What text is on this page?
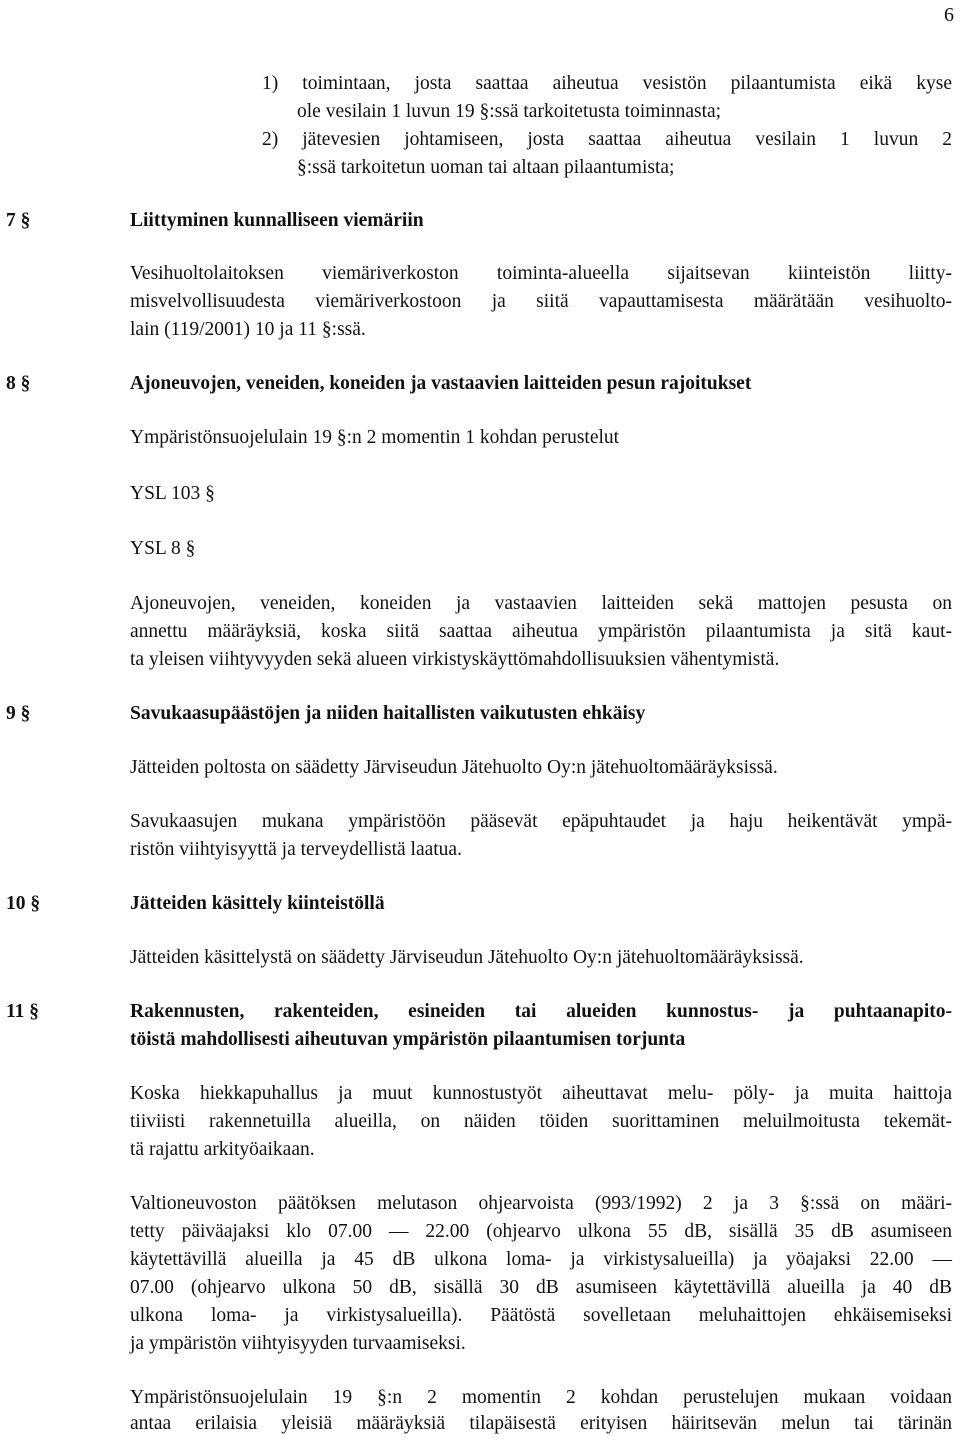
6
1) toimintaan, josta saattaa aiheutua vesistön pilaantumista eikä kyse
ole vesilain 1 luvun 19 §:ssä tarkoitetusta toiminnasta;
2) jätevesien johtamiseen, josta saattaa aiheutua vesilain 1 luvun 2
§:ssä tarkoitetun uoman tai altaan pilaantumista;
7 §	Liittyminen kunnalliseen viemäriin
Vesihuoltolaitoksen viemäriverkoston toiminta-alueella sijaitsevan kiinteistön liitty-
misvelvollisuudesta viemäriverkostoon ja siitä vapauttamisesta määrätään vesihuolto-
lain (119/2001) 10 ja 11 §:ssä.
8 §	Ajoneuvojen, veneiden, koneiden ja vastaavien laitteiden pesun rajoitukset
Ympäristönsuojelulain 19 §:n 2 momentin 1 kohdan perustelut
YSL 103 §
YSL 8 §
Ajoneuvojen, veneiden, koneiden ja vastaavien laitteiden sekä mattojen pesusta on
annettu määräyksiä, koska siitä saattaa aiheutua ympäristön pilaantumista ja sitä kaut-
ta yleisen viihtyvyyden sekä alueen virkistyskäyttömahdollisuuksien vähentymistä.
9 §	Savukaasupäästöjen ja niiden haitallisten vaikutusten ehkäisy
Jätteiden poltosta on säädetty Järviseudun Jätehuolto Oy:n jätehuoltomääräyksissä.
Savukaasujen mukana ympäristöön pääsevät epäpuhtaudet ja haju heikentävät ympä-
ristön viihtyisyyttä ja terveydellistä laatua.
10 §	Jätteiden käsittely kiinteistöllä
Jätteiden käsittelystä on säädetty Järviseudun Jätehuolto Oy:n jätehuoltomääräyksissä.
11 §	Rakennusten, rakenteiden, esineiden tai alueiden kunnostus- ja puhtaanapito-
töistä mahdollisesti aiheutuvan ympäristön pilaantumisen torjunta
Koska hiekkapuhallus ja muut kunnostustyöt aiheuttavat melu- pöly- ja muita haittoja
tiiviisti rakennetuilla alueilla, on näiden töiden suorittaminen meluilmoitusta tekemät-
tä rajattu arkityöaikaan.
Valtioneuvoston päätöksen melutason ohjearvoista (993/1992) 2 ja 3 §:ssä on määri-
tetty päiväajaksi klo 07.00 — 22.00 (ohjearvo ulkona 55 dB, sisällä 35 dB asumiseen
käytettävillä alueilla ja 45 dB ulkona loma- ja virkistysalueilla) ja yöajaksi 22.00 —
07.00 (ohjearvo ulkona 50 dB, sisällä 30 dB asumiseen käytettävillä alueilla ja 40 dB
ulkona loma- ja virkistysalueilla). Päätöstä sovelletaan meluhaittojen ehkäisemiseksi
ja ympäristön viihtyisyyden turvaamiseksi.
Ympäristönsuojelulain 19 §:n 2 momentin 2 kohdan perustelujen mukaan voidaan
antaa erilaisia yleisiä määräyksiä tilapäisestä erityisen häiritsevän melun tai tärinän
